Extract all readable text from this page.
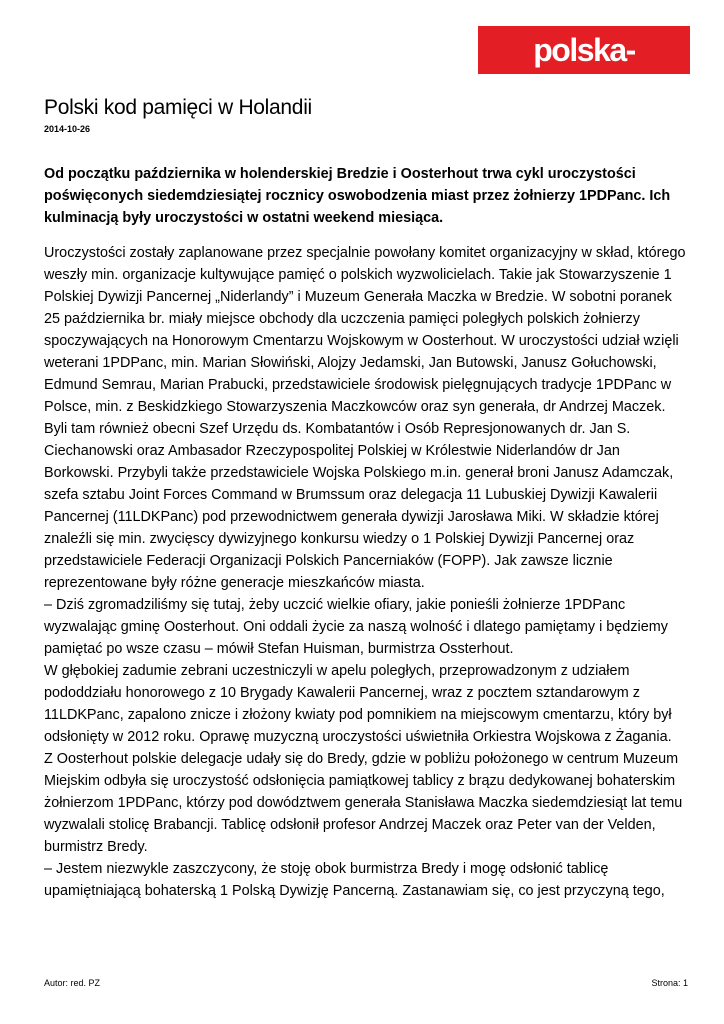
polska-zbrojna.pl
Polski kod pamięci w Holandii
2014-10-26

Od początku października w holenderskiej Bredzie i Oosterhout trwa cykl uroczystości poświęconych siedemdziesiątej rocznicy oswobodzenia miast przez żołnierzy 1PDPanc. Ich kulminacją były uroczystości w ostatni weekend miesiąca.

Uroczystości zostały zaplanowane przez specjalnie powołany komitet organizacyjny w skład, którego weszły min. organizacje kultywujące pamięć o polskich wyzwolicielach. Takie jak Stowarzyszenie 1 Polskiej Dywizji Pancernej „Niderlandy” i Muzeum Generała Maczka w Bredzie. W sobotni poranek 25 października br. miały miejsce obchody dla uczczenia pamięci poległych polskich żołnierzy spoczywających na Honorowym Cmentarzu Wojskowym w Oosterhout. W uroczystości udział wzięli weterani 1PDPanc, min. Marian Słowiński, Alojzy Jedamski, Jan Butowski, Janusz Gołuchowski, Edmund Semrau, Marian Prabucki, przedstawiciele środowisk pielęgnujących tradycje 1PDPanc w Polsce, min. z Beskidzkiego Stowarzyszenia Maczkowców oraz syn generała, dr Andrzej Maczek.

Byli tam również obecni Szef Urzędu ds. Kombatantów i Osób Represjonowanych dr. Jan S. Ciechanowski oraz Ambasador Rzeczypospolitej Polskiej w Królestwie Niderlandów dr Jan Borkowski. Przybyli także przedstawiciele Wojska Polskiego m.in. generał broni Janusz Adamczak, szefa sztabu Joint Forces Command w Brumssum oraz delegacja 11 Lubuskiej Dywizji Kawalerii Pancernej (11LDKPanc) pod przewodnictwem generała dywizji Jarosława Miki. W składzie której znaleźli się min. zwycięscy dywizyjnego konkursu wiedzy o 1 Polskiej Dywizji Pancernej oraz przedstawiciele Federacji Organizacji Polskich Pancerniaków (FOPP). Jak zawsze licznie reprezentowane były różne generacje mieszkańców miasta.

– Dziś zgromadziliśmy się tutaj, żeby uczcić wielkie ofiary, jakie ponieśli żołnierze 1PDPanc wyzwalając gminę Oosterhout. Oni oddali życie za naszą wolność i dlatego pamiętamy i będziemy pamiętać po wsze czasu – mówił Stefan Huisman, burmistrza Ossterhout.

W głębokiej zadumie zebrani uczestniczyli w apelu poległych, przeprowadzonym z udziałem pododdziału honorowego z 10 Brygady Kawalerii Pancernej, wraz z pocztem sztandarowym z 11LDKPanc, zapalono znicze i złożony kwiaty pod pomnikiem na miejscowym cmentarzu, który był odsłonięty w 2012 roku. Oprawę muzyczną uroczystości uświetniła Orkiestra Wojskowa z Żagania.

Z Oosterhout polskie delegacje udały się do Bredy, gdzie w pobliżu położonego w centrum Muzeum Miejskim odbyła się uroczystość odsłonięcia pamiątkowej tablicy z brązu dedykowanej bohaterskim żołnierzom 1PDPanc, którzy pod dowództwem generała Stanisława Maczka siedemdziesiąt lat temu wyzwalali stolicę Brabancji. Tablicę odsłonił profesor Andrzej Maczek oraz Peter van der Velden, burmistrz Bredy.

– Jestem niezwykle zaszczycony, że stoję obok burmistrza Bredy i mogę odsłonić tablicę upamiętniającą bohaterską 1 Polską Dywizję Pancerną. Zastanawiam się, co jest przyczyną tego,

Autor: red. PZ	Strona: 1
